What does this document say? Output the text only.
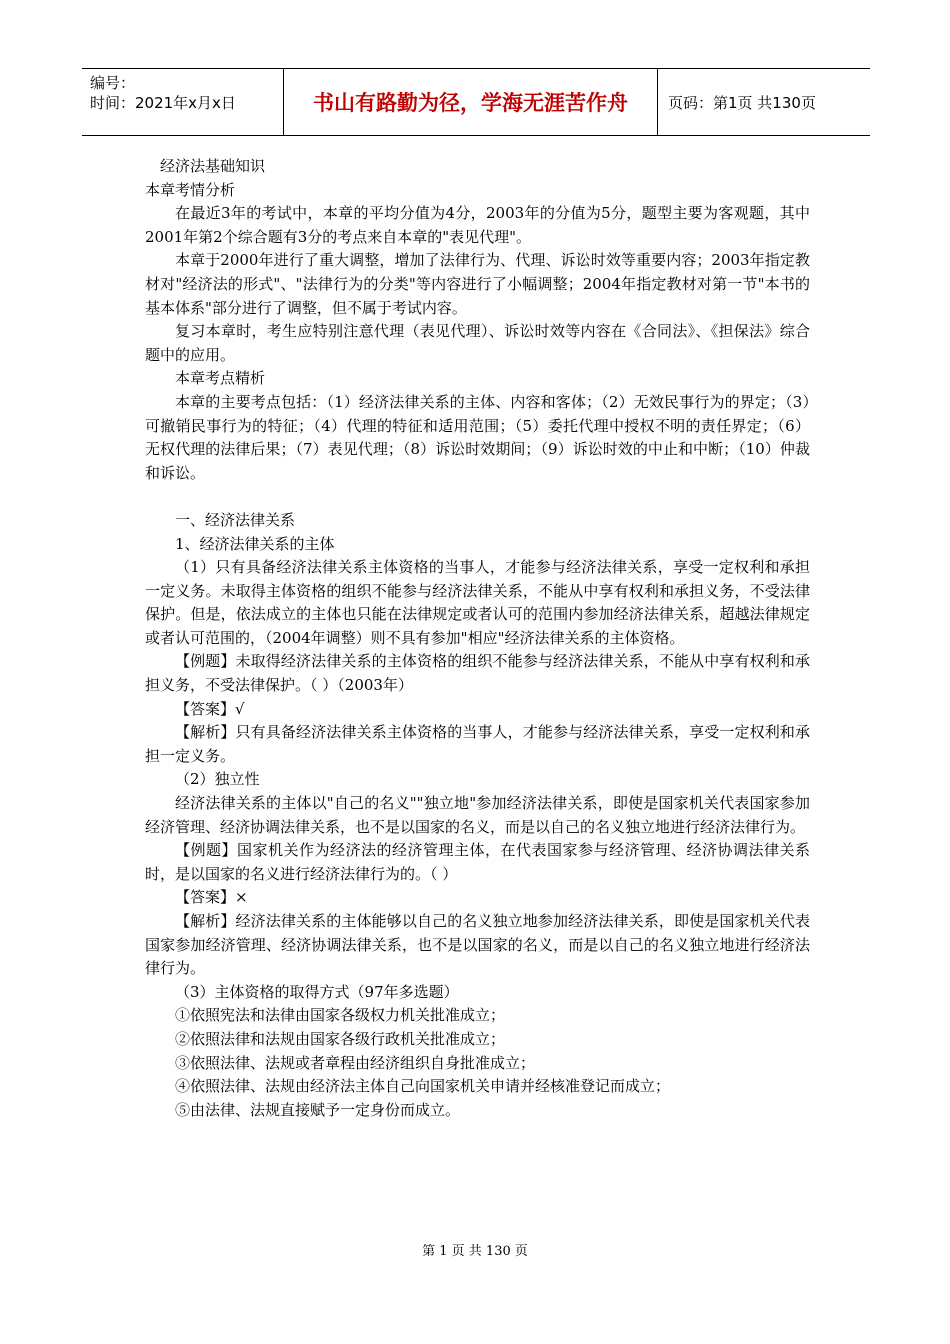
编号：
时间：2021年x月x日	书山有路勤为径，学海无涯苦作舟	页码：第1页 共130页

经济法基础知识

本章考情分析

在最近3年的考试中，本章的平均分值为4分，2003年的分值为5分，题型主要为客观题，其中2001年第2个综合题有3分的考点来自本章的"表见代理"。

本章于2000年进行了重大调整，增加了法律行为、代理、诉讼时效等重要内容；2003年指定教材对"经济法的形式"、"法律行为的分类"等内容进行了小幅调整；2004年指定教材对第一节"本书的基本体系"部分进行了调整，但不属于考试内容。

复习本章时，考生应特别注意代理（表见代理）、诉讼时效等内容在《合同法》、《担保法》综合题中的应用。

本章考点精析

本章的主要考点包括：（1）经济法律关系的主体、内容和客体；（2）无效民事行为的界定；（3）可撤销民事行为的特征；（4）代理的特征和适用范围；（5）委托代理中授权不明的责任界定；（6）无权代理的法律后果；（7）表见代理；（8）诉讼时效期间；（9）诉讼时效的中止和中断；（10）仲裁和诉讼。

一、经济法律关系

1、经济法律关系的主体

（1）只有具备经济法律关系主体资格的当事人，才能参与经济法律关系，享受一定权利和承担一定义务。未取得主体资格的组织不能参与经济法律关系，不能从中享有权利和承担义务，不受法律保护。但是，依法成立的主体也只能在法律规定或者认可的范围内参加经济法律关系，超越法律规定或者认可范围的，（2004年调整）则不具有参加"相应"经济法律关系的主体资格。

【例题】未取得经济法律关系的主体资格的组织不能参与经济法律关系，不能从中享有权利和承担义务，不受法律保护。（ ）（2003年）

【答案】√

【解析】只有具备经济法律关系主体资格的当事人，才能参与经济法律关系，享受一定权利和承担一定义务。

（2）独立性

经济法律关系的主体以"自己的名义""独立地"参加经济法律关系，即使是国家机关代表国家参加经济管理、经济协调法律关系，也不是以国家的名义，而是以自己的名义独立地进行经济法律行为。

【例题】国家机关作为经济法的经济管理主体，在代表国家参与经济管理、经济协调法律关系时，是以国家的名义进行经济法律行为的。（ ）

【答案】×

【解析】经济法律关系的主体能够以自己的名义独立地参加经济法律关系，即使是国家机关代表国家参加经济管理、经济协调法律关系，也不是以国家的名义，而是以自己的名义独立地进行经济法律行为。

（3）主体资格的取得方式（97年多选题）

①依照宪法和法律由国家各级权力机关批准成立；

②依照法律和法规由国家各级行政机关批准成立；

③依照法律、法规或者章程由经济组织自身批准成立；

④依照法律、法规由经济法主体自己向国家机关申请并经核准登记而成立；

⑤由法律、法规直接赋予一定身份而成立。

第 1 页 共 130 页
